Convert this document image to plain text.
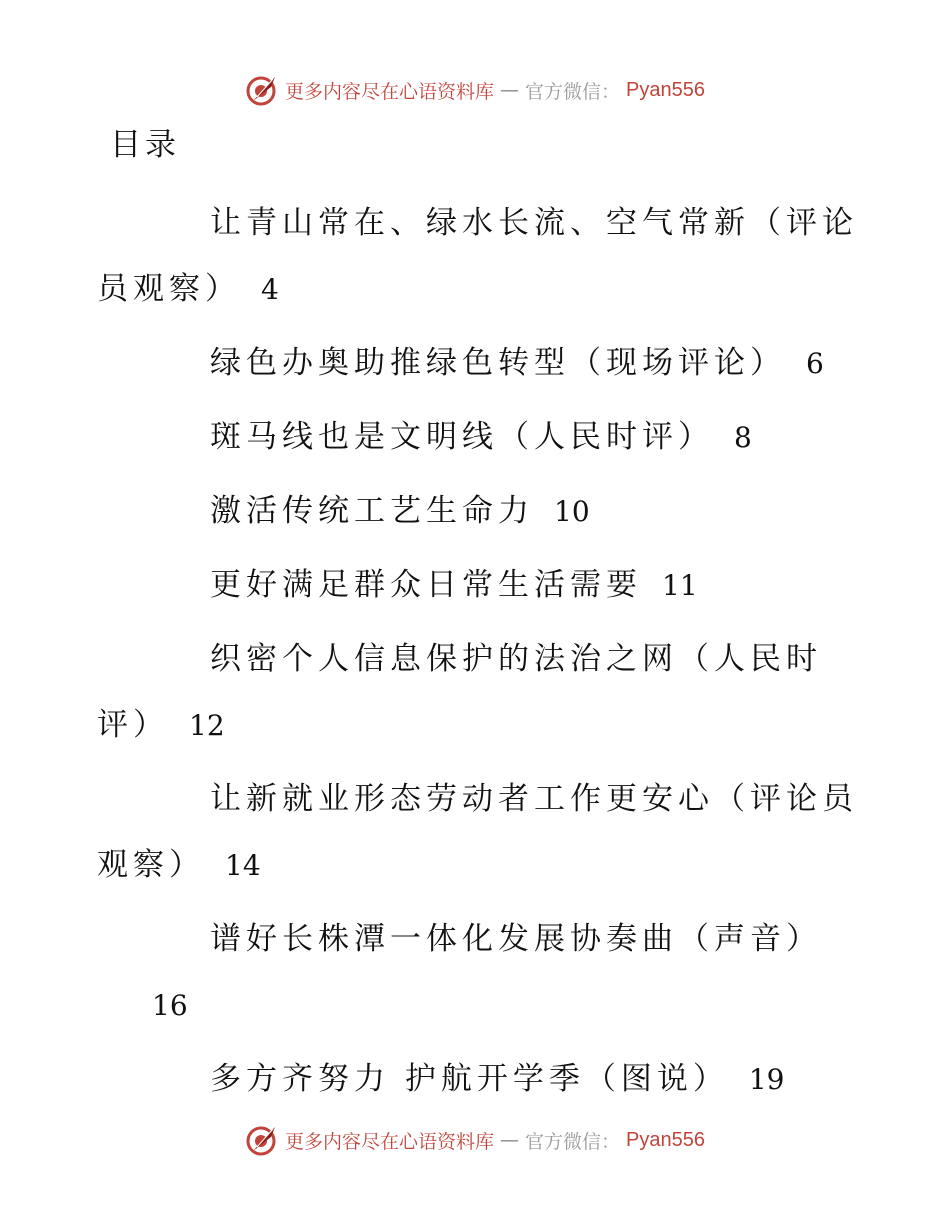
更多内容尽在心语资料库 — 官方微信： Pyan556
目录
让青山常在、绿水长流、空气常新（评论
员观察） 4
绿色办奥助推绿色转型（现场评论） 6
斑马线也是文明线（人民时评） 8
激活传统工艺生命力 10
更好满足群众日常生活需要 11
织密个人信息保护的法治之网（人民时
评） 12
让新就业形态劳动者工作更安心（评论员
观察） 14
谱好长株潭一体化发展协奏曲（声音）
16
多方齐努力 护航开学季（图说） 19
更多内容尽在心语资料库 — 官方微信： Pyan556
